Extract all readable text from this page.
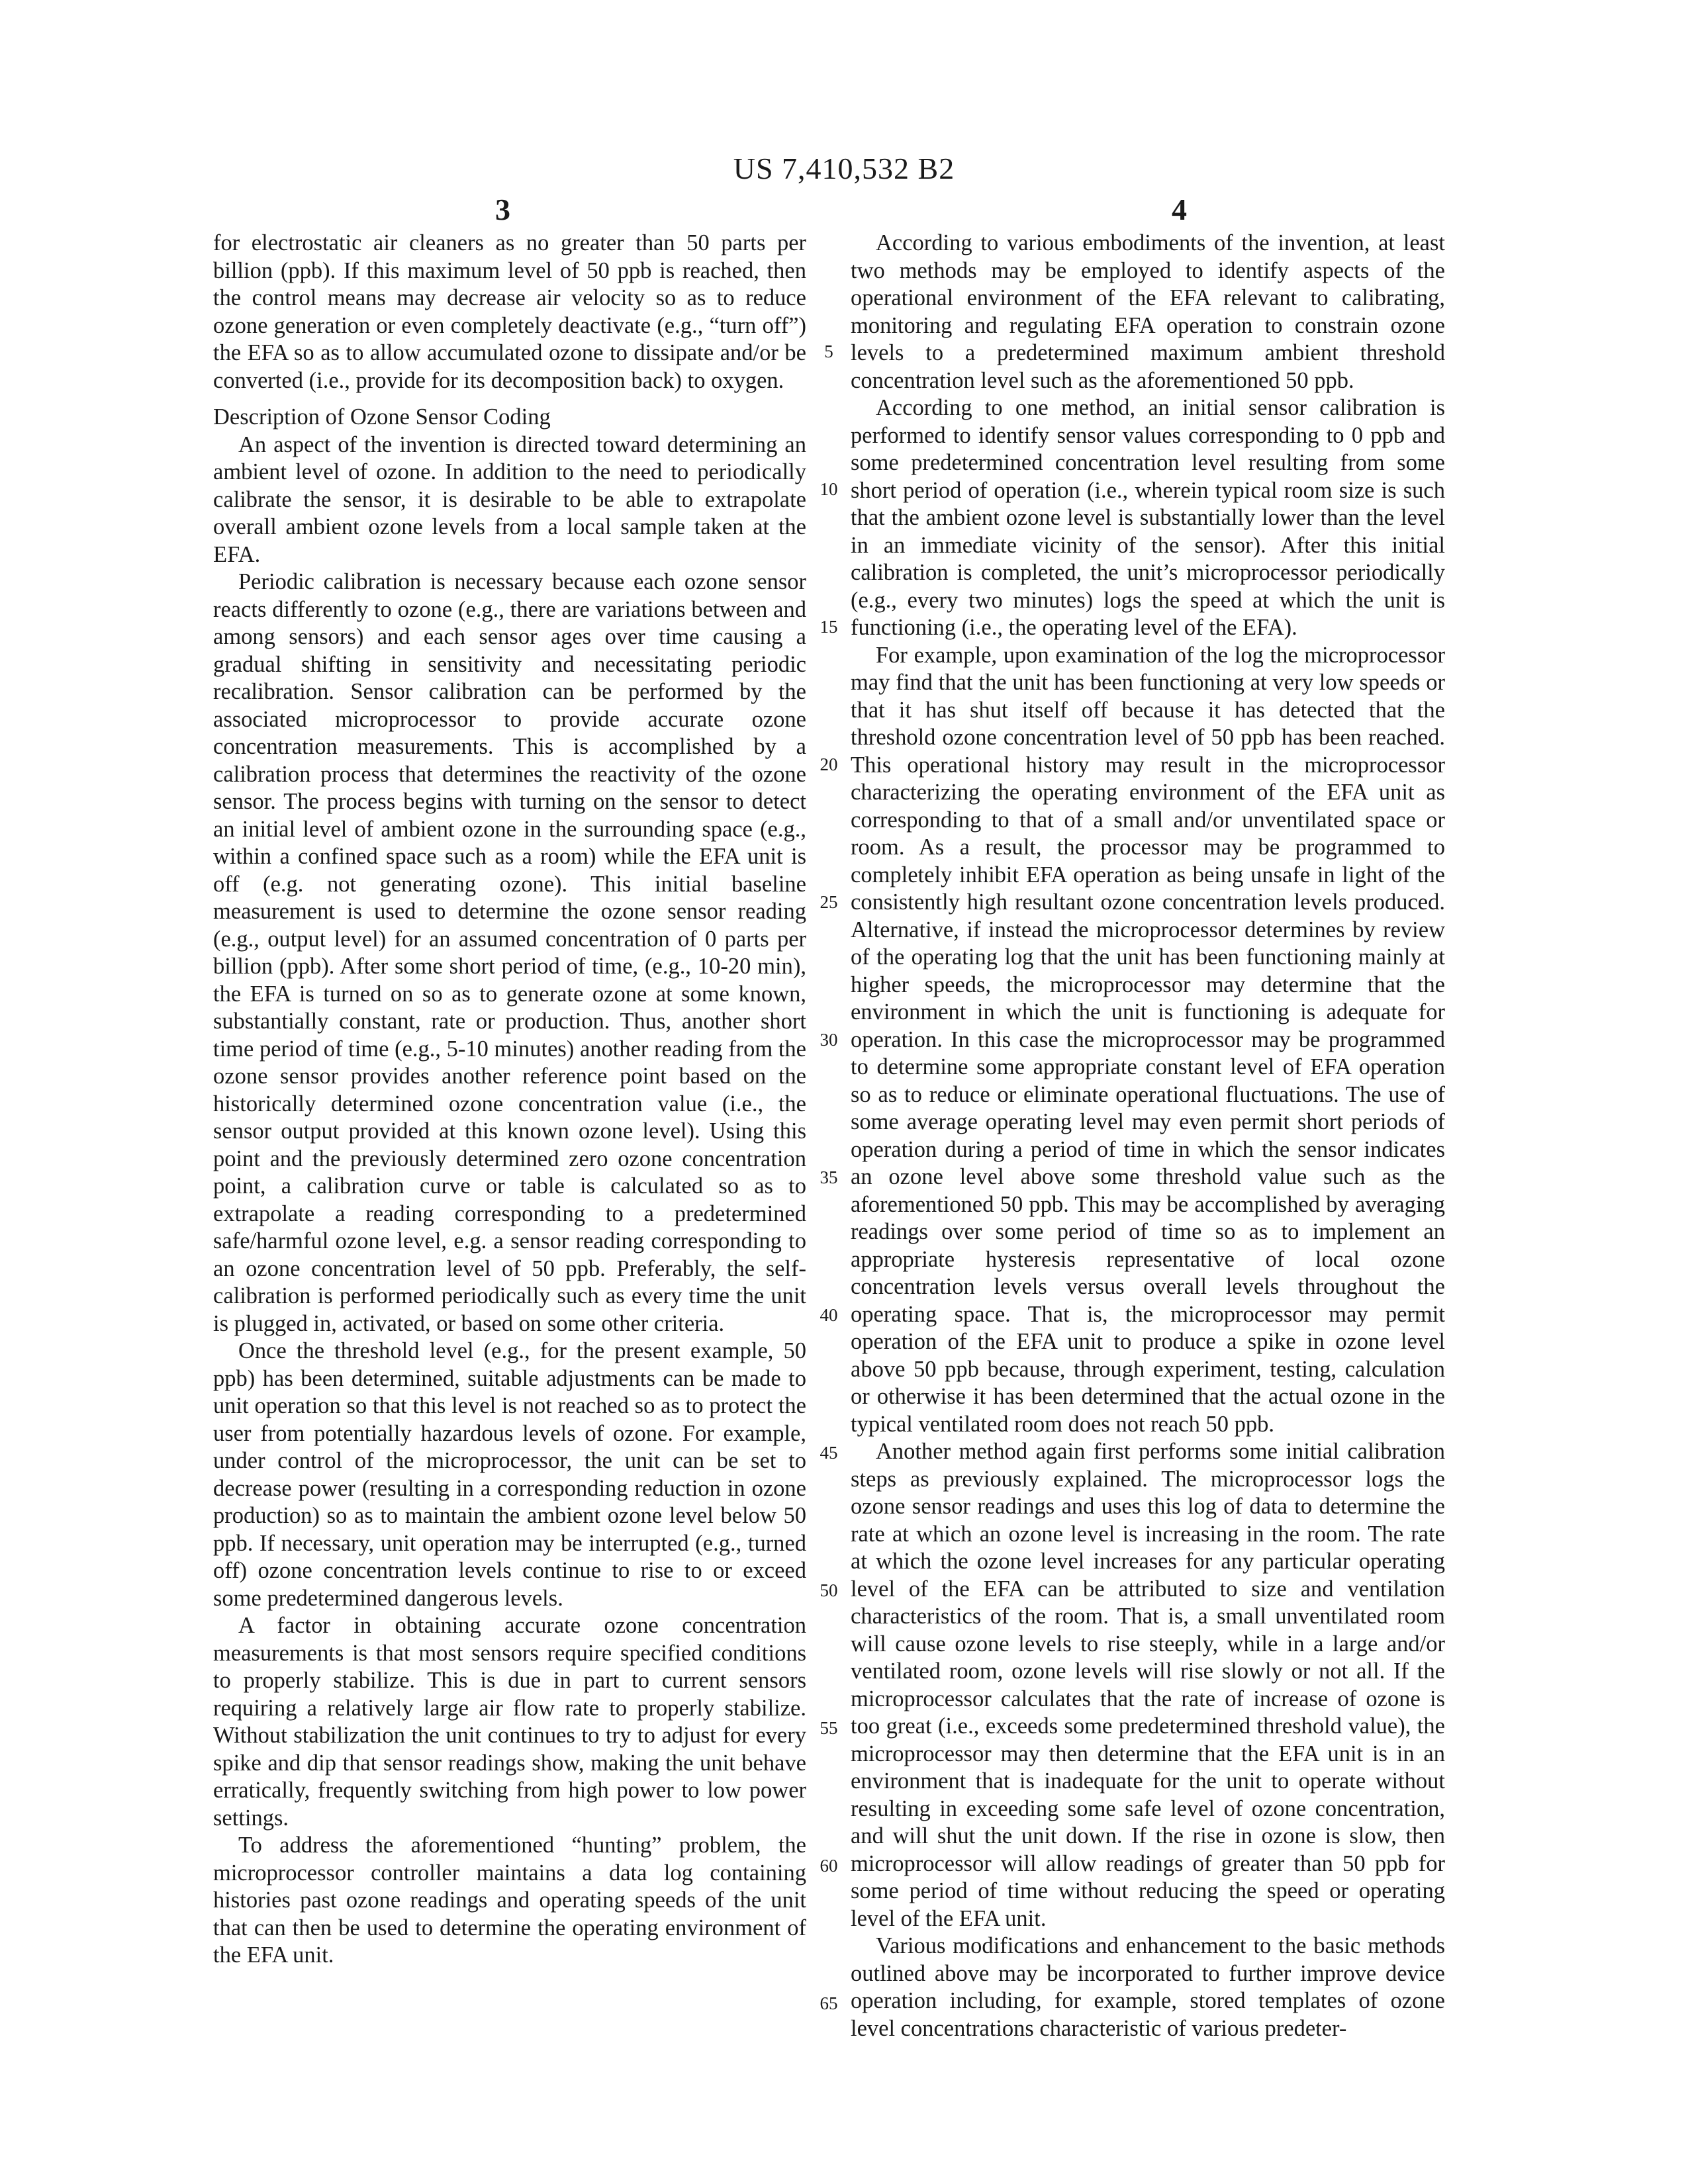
US 7,410,532 B2
3	4

for electrostatic air cleaners as no greater than 50 parts per billion (ppb). If this maximum level of 50 ppb is reached, then the control means may decrease air velocity so as to reduce ozone generation or even completely deactivate (e.g., “turn off”) the EFA so as to allow accumulated ozone to dissipate and/or be converted (i.e., provide for its decomposition back) to oxygen.

Description of Ozone Sensor Coding

An aspect of the invention is directed toward determining an ambient level of ozone. In addition to the need to periodically calibrate the sensor, it is desirable to be able to extrapolate overall ambient ozone levels from a local sample taken at the EFA.

Periodic calibration is necessary because each ozone sensor reacts differently to ozone (e.g., there are variations between and among sensors) and each sensor ages over time causing a gradual shifting in sensitivity and necessitating periodic recalibration. Sensor calibration can be performed by the associated microprocessor to provide accurate ozone concentration measurements. This is accomplished by a calibration process that determines the reactivity of the ozone sensor. The process begins with turning on the sensor to detect an initial level of ambient ozone in the surrounding space (e.g., within a confined space such as a room) while the EFA unit is off (e.g. not generating ozone). This initial baseline measurement is used to determine the ozone sensor reading (e.g., output level) for an assumed concentration of 0 parts per billion (ppb). After some short period of time, (e.g., 10-20 min), the EFA is turned on so as to generate ozone at some known, substantially constant, rate or production. Thus, another short time period of time (e.g., 5-10 minutes) another reading from the ozone sensor provides another reference point based on the historically determined ozone concentration value (i.e., the sensor output provided at this known ozone level). Using this point and the previously determined zero ozone concentration point, a calibration curve or table is calculated so as to extrapolate a reading corresponding to a predetermined safe/harmful ozone level, e.g. a sensor reading corresponding to an ozone concentration level of 50 ppb. Preferably, the self-calibration is performed periodically such as every time the unit is plugged in, activated, or based on some other criteria.

Once the threshold level (e.g., for the present example, 50 ppb) has been determined, suitable adjustments can be made to unit operation so that this level is not reached so as to protect the user from potentially hazardous levels of ozone. For example, under control of the microprocessor, the unit can be set to decrease power (resulting in a corresponding reduction in ozone production) so as to maintain the ambient ozone level below 50 ppb. If necessary, unit operation may be interrupted (e.g., turned off) ozone concentration levels continue to rise to or exceed some predetermined dangerous levels.

A factor in obtaining accurate ozone concentration measurements is that most sensors require specified conditions to properly stabilize. This is due in part to current sensors requiring a relatively large air flow rate to properly stabilize. Without stabilization the unit continues to try to adjust for every spike and dip that sensor readings show, making the unit behave erratically, frequently switching from high power to low power settings.

To address the aforementioned “hunting” problem, the microprocessor controller maintains a data log containing histories past ozone readings and operating speeds of the unit that can then be used to determine the operating environment of the EFA unit.

According to various embodiments of the invention, at least two methods may be employed to identify aspects of the operational environment of the EFA relevant to calibrating, monitoring and regulating EFA operation to constrain ozone levels to a predetermined maximum ambient threshold concentration level such as the aforementioned 50 ppb.

According to one method, an initial sensor calibration is performed to identify sensor values corresponding to 0 ppb and some predetermined concentration level resulting from some short period of operation (i.e., wherein typical room size is such that the ambient ozone level is substantially lower than the level in an immediate vicinity of the sensor). After this initial calibration is completed, the unit’s microprocessor periodically (e.g., every two minutes) logs the speed at which the unit is functioning (i.e., the operating level of the EFA).

For example, upon examination of the log the microprocessor may find that the unit has been functioning at very low speeds or that it has shut itself off because it has detected that the threshold ozone concentration level of 50 ppb has been reached. This operational history may result in the microprocessor characterizing the operating environment of the EFA unit as corresponding to that of a small and/or unventilated space or room. As a result, the processor may be programmed to completely inhibit EFA operation as being unsafe in light of the consistently high resultant ozone concentration levels produced. Alternative, if instead the microprocessor determines by review of the operating log that the unit has been functioning mainly at higher speeds, the microprocessor may determine that the environment in which the unit is functioning is adequate for operation. In this case the microprocessor may be programmed to determine some appropriate constant level of EFA operation so as to reduce or eliminate operational fluctuations. The use of some average operating level may even permit short periods of operation during a period of time in which the sensor indicates an ozone level above some threshold value such as the aforementioned 50 ppb. This may be accomplished by averaging readings over some period of time so as to implement an appropriate hysteresis representative of local ozone concentration levels versus overall levels throughout the operating space. That is, the microprocessor may permit operation of the EFA unit to produce a spike in ozone level above 50 ppb because, through experiment, testing, calculation or otherwise it has been determined that the actual ozone in the typical ventilated room does not reach 50 ppb.

Another method again first performs some initial calibration steps as previously explained. The microprocessor logs the ozone sensor readings and uses this log of data to determine the rate at which an ozone level is increasing in the room. The rate at which the ozone level increases for any particular operating level of the EFA can be attributed to size and ventilation characteristics of the room. That is, a small unventilated room will cause ozone levels to rise steeply, while in a large and/or ventilated room, ozone levels will rise slowly or not all. If the microprocessor calculates that the rate of increase of ozone is too great (i.e., exceeds some predetermined threshold value), the microprocessor may then determine that the EFA unit is in an environment that is inadequate for the unit to operate without resulting in exceeding some safe level of ozone concentration, and will shut the unit down. If the rise in ozone is slow, then microprocessor will allow readings of greater than 50 ppb for some period of time without reducing the speed or operating level of the EFA unit.

Various modifications and enhancement to the basic methods outlined above may be incorporated to further improve device operation including, for example, stored templates of ozone level concentrations characteristic of various predeter-

5
10
15
20
25
30
35
40
45
50
55
60
65
